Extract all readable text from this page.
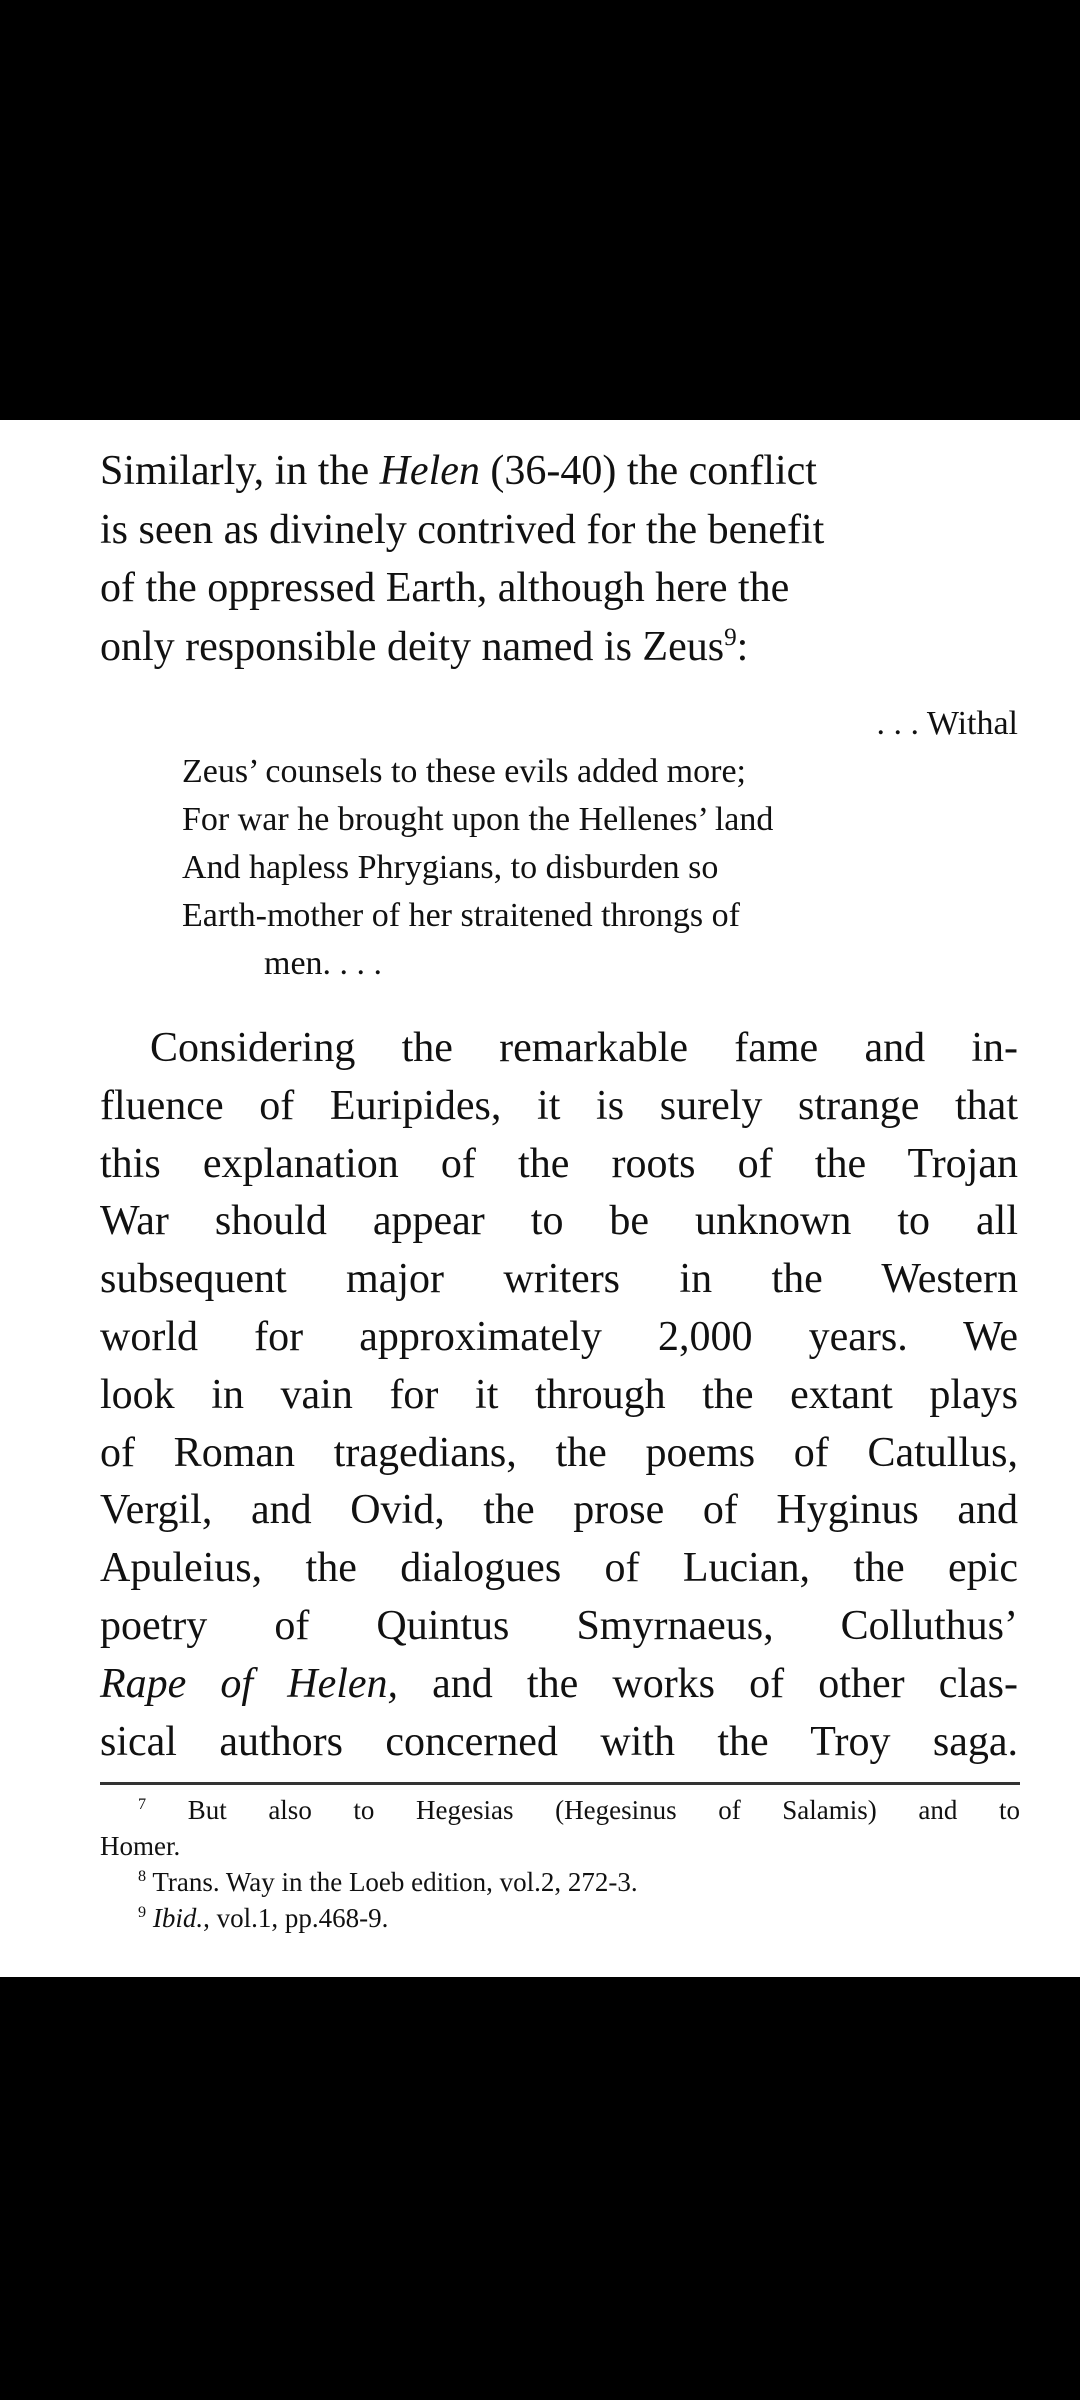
Similarly, in the Helen (36-40) the conflict
is seen as divinely contrived for the benefit
of the oppressed Earth, although here the
only responsible deity named is Zeus$^9$:
. . . Withal
Zeus’ counsels to these evils added more;
For war he brought upon the Hellenes’ land
And hapless Phrygians, to disburden so
Earth-mother of her straitened throngs of
men. . . .
Considering the remarkable fame and in-
fluence of Euripides, it is surely strange that
this explanation of the roots of the Trojan
War should appear to be unknown to all
subsequent major writers in the Western
world for approximately 2,000 years. We
look in vain for it through the extant plays
of Roman tragedians, the poems of Catullus,
Vergil, and Ovid, the prose of Hyginus and
Apuleius, the dialogues of Lucian, the epic
poetry of Quintus Smyrnaeus, Colluthus’
Rape of Helen, and the works of other clas-
sical authors concerned with the Troy saga.
$^7$ But also to Hegesias (Hegesinus of Salamis) and to
Homer.
$^8$ Trans. Way in the Loeb edition, vol.2, 272-3.
$^9$ Ibid., vol.1, pp.468-9.
